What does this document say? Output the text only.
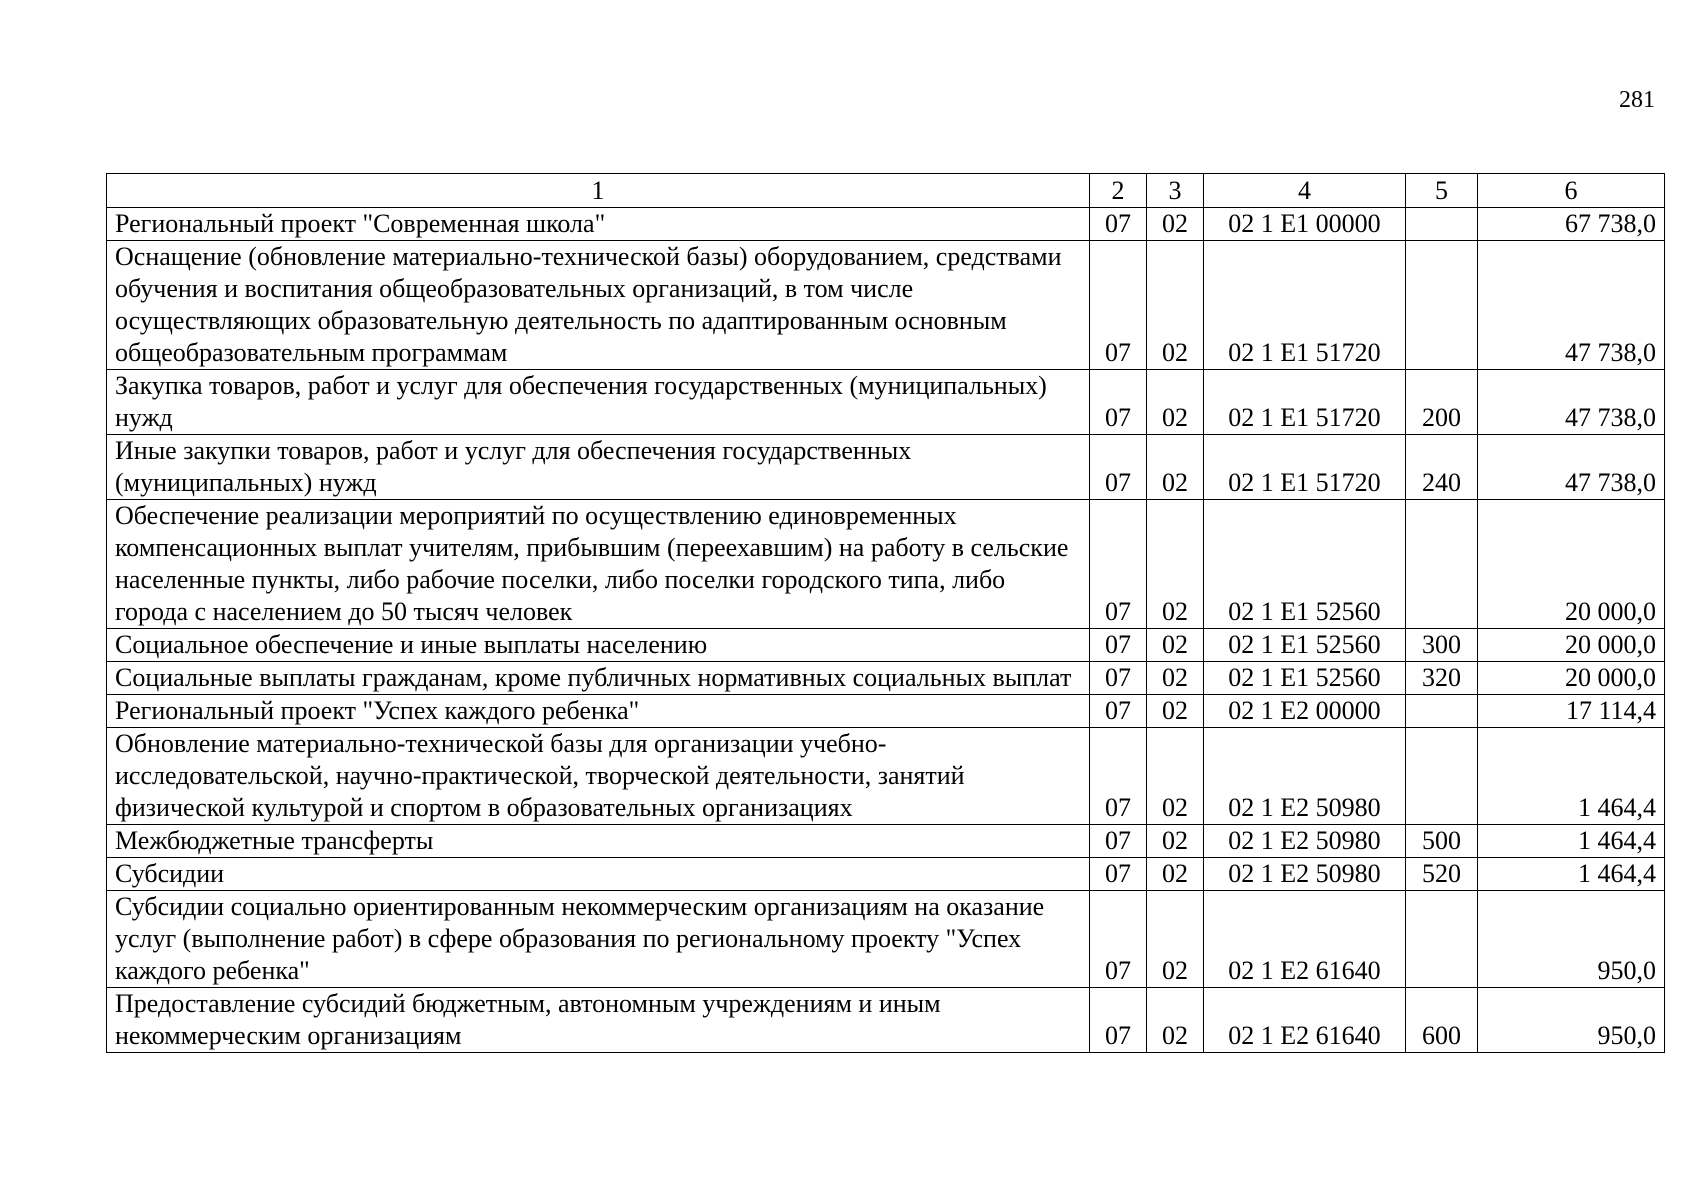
281
1	2	3	4	5	6
Региональный проект "Современная школа"	07	02	02 1 E1 00000		67 738,0
Оснащение (обновление материально-технической базы) оборудованием, средствами обучения и воспитания общеобразовательных организаций, в том числе осуществляющих образовательную деятельность по адаптированным основным общеобразовательным программам	07	02	02 1 E1 51720		47 738,0
Закупка товаров, работ и услуг для обеспечения государственных (муниципальных) нужд	07	02	02 1 E1 51720	200	47 738,0
Иные закупки товаров, работ и услуг для обеспечения государственных (муниципальных) нужд	07	02	02 1 E1 51720	240	47 738,0
Обеспечение реализации мероприятий по осуществлению единовременных компенсационных выплат учителям, прибывшим (переехавшим) на работу в сельские населенные пункты, либо рабочие поселки, либо поселки городского типа, либо города с населением до 50 тысяч человек	07	02	02 1 E1 52560		20 000,0
Социальное обеспечение и иные выплаты населению	07	02	02 1 E1 52560	300	20 000,0
Социальные выплаты гражданам, кроме публичных нормативных социальных выплат	07	02	02 1 E1 52560	320	20 000,0
Региональный проект "Успех каждого ребенка"	07	02	02 1 E2 00000		17 114,4
Обновление материально-технической базы для организации учебно-исследовательской, научно-практической, творческой деятельности, занятий физической культурой и спортом в образовательных организациях	07	02	02 1 E2 50980		1 464,4
Межбюджетные трансферты	07	02	02 1 E2 50980	500	1 464,4
Субсидии	07	02	02 1 E2 50980	520	1 464,4
Субсидии социально ориентированным некоммерческим организациям на оказание услуг (выполнение работ) в сфере образования по региональному проекту "Успех каждого ребенка"	07	02	02 1 E2 61640		950,0
Предоставление субсидий бюджетным, автономным учреждениям и иным некоммерческим организациям	07	02	02 1 E2 61640	600	950,0
